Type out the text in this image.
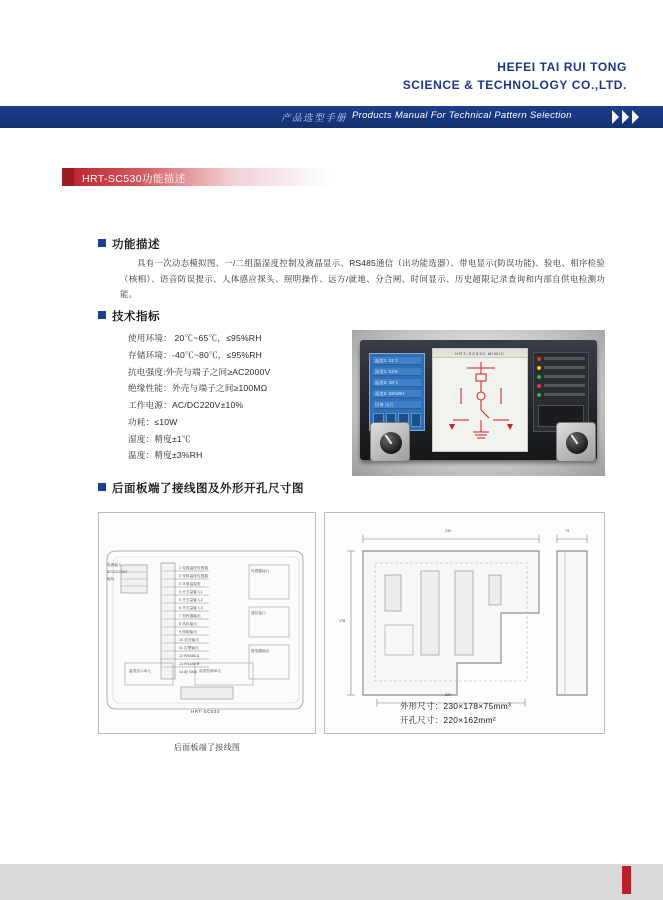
HEFEI TAI RUI TONG
SCIENCE & TECHNOLOGY CO.,LTD.
产品选型手册 Products Manual For Technical Pattern Selection
HRT-SC530功能描述
功能描述
具有一次动态模拟图、一/二组温湿度控制及液晶显示、RS485通信（出功能选器）、带电显示(防误功能)、验电、相序检验（核相）、语音防误提示、人体感应探头、照明操作、远方/就地、分合闸、时间显示、历史超限记录查询和内部自供电检测功能。
技术指标
使用环境： 20℃~65℃，≤95%RH
存储环境：-40℃~80℃，≤95%RH
抗电强度:外壳与端子之间≥AC2000V
绝缘性能：外壳与端子之间≥100MΩ
工作电源：AC/DC220V±10%
功耗：≤10W
湿度：精度±1℃
温度：精度±3%RH
温度1: 31℃
湿度1: 52%
温度2: 30℃
湿度2: 55%RH
设备 运行
HRT-SC530 MIMIC
后面板端了接线图及外形开孔尺寸图
电源输入
AC/DC220V
地线
1 电缆温度传感器
2 母排温度传感器
3 环境温湿度
4 开关量输入1
5 开关量输入2
6 开关量输入3
7 加热器输出
8 风机输出
9 照明输出
10 语音输出
11 告警输出
12 RS485 A
13 RS485 B
14 地 GND
传感器接口
通信接口
继电器输出
温度显示单元	湿度控制单元
HRT-SC530
后面板端了接线图
230
178
220
75
外形尺寸：230×178×75mm³
开孔尺寸：220×162mm²
